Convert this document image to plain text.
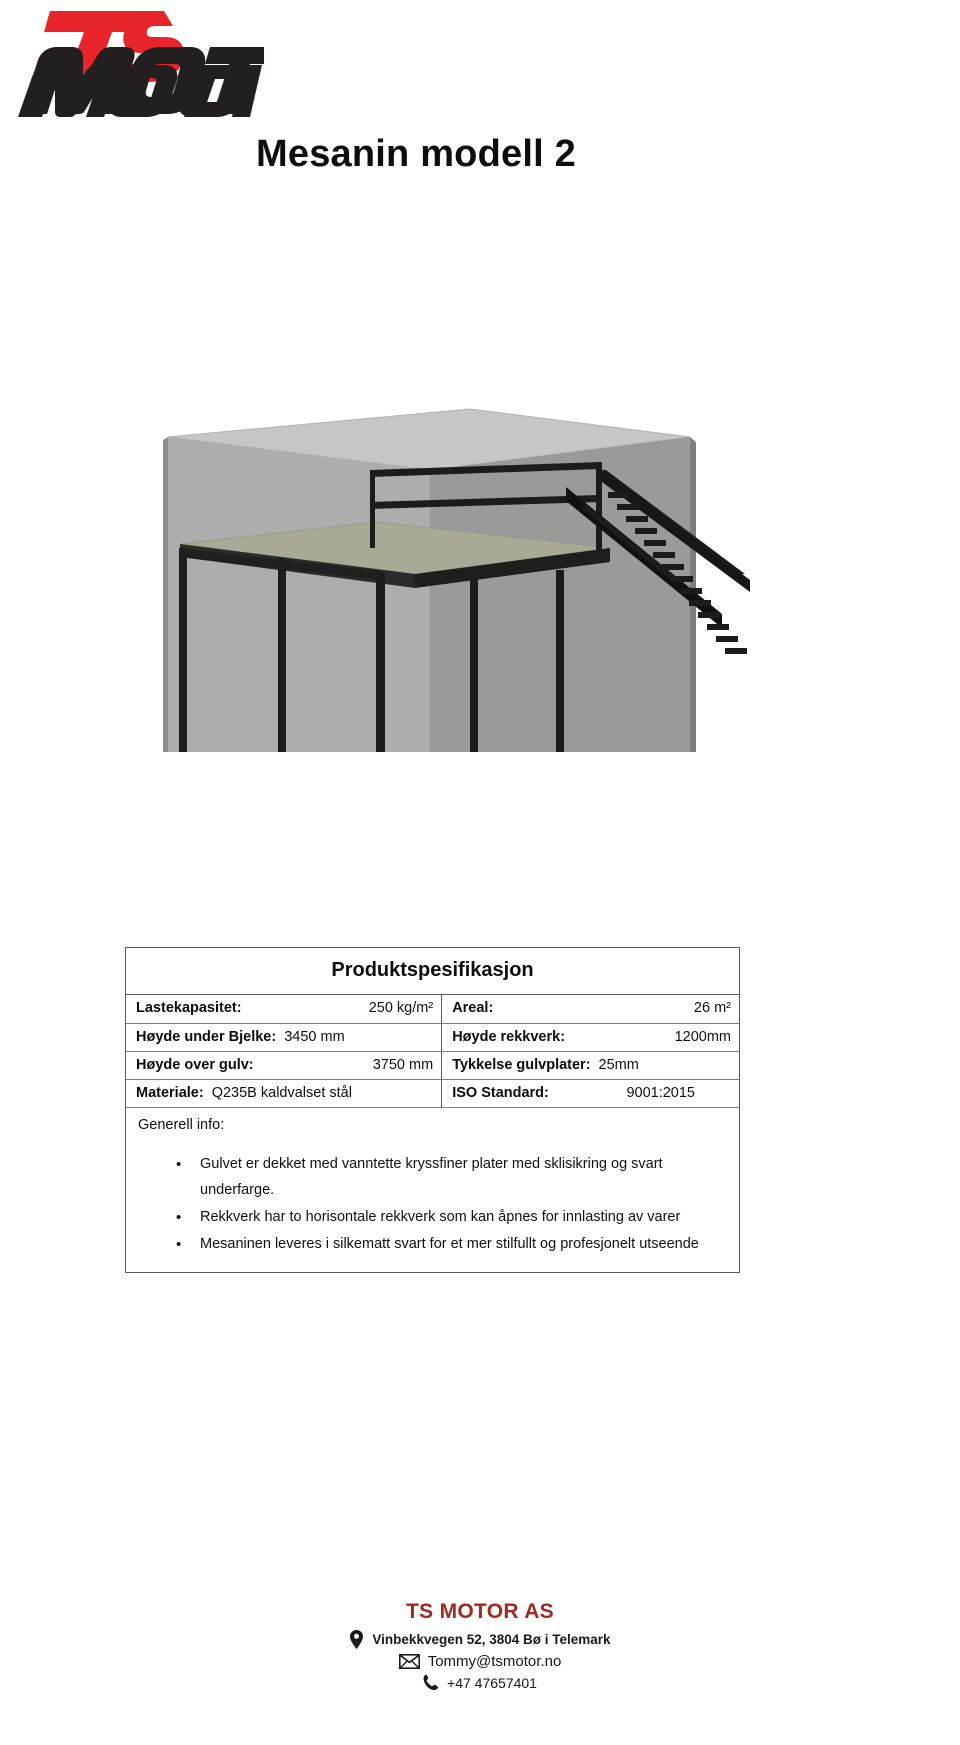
Mesanin modell 2
Produktspesifikasjon
Lastekapasitet: 250 kg/m²	Areal: 26 m²

Høyde under Bjelke: 3450 mm	Høyde rekkverk: 1200mm

Høyde over gulv: 3750 mm	Tykkelse gulvplater: 25mm

Materiale: Q235B kaldvalset stål	ISO Standard: 9001:2015
Generell info:
• Gulvet er dekket med vanntette kryssfiner plater med sklisikring og svart underfarge.
• Rekkverk har to horisontale rekkverk som kan åpnes for innlasting av varer
• Mesaninen leveres i silkematt svart for et mer stilfullt og profesjonelt utseende
TS MOTOR AS
Vinbekkvegen 52, 3804 Bø i Telemark
Tommy@tsmotor.no
+47 47657401
